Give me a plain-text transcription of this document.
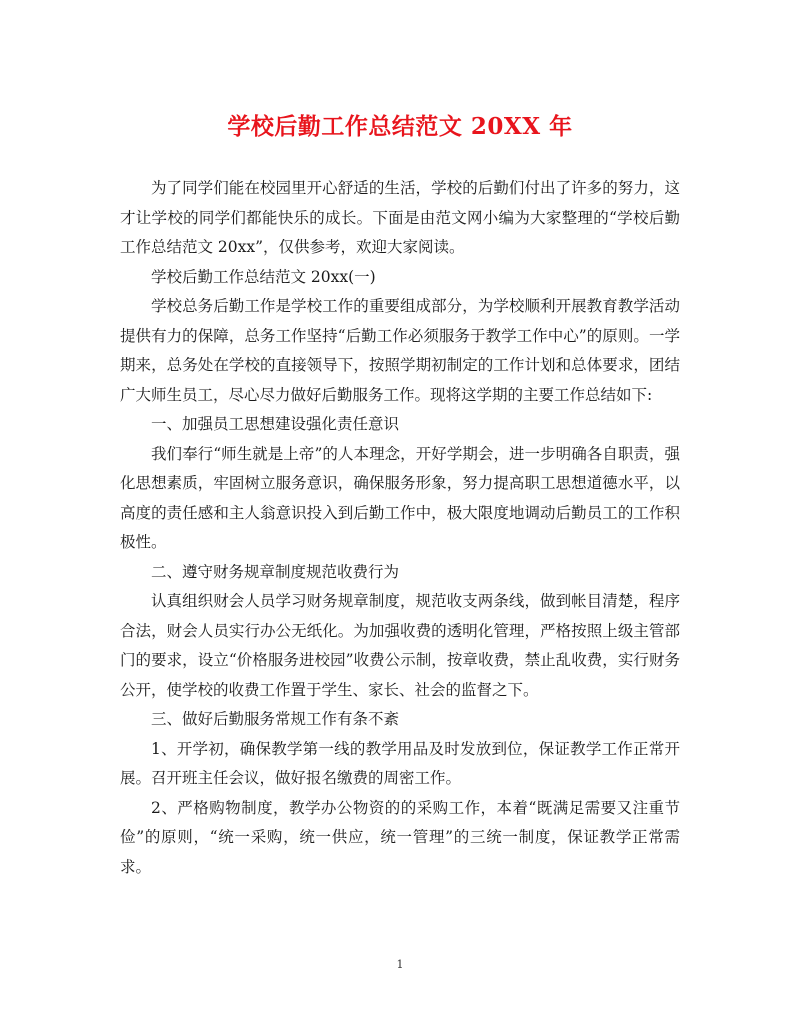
学校后勤工作总结范文 20XX 年

为了同学们能在校园里开心舒适的生活，学校的后勤们付出了许多的努力，这才让学校的同学们都能快乐的成长。下面是由范文网小编为大家整理的“学校后勤工作总结范文 20xx”，仅供参考，欢迎大家阅读。

学校后勤工作总结范文 20xx(一)

学校总务后勤工作是学校工作的重要组成部分，为学校顺利开展教育教学活动提供有力的保障，总务工作坚持“后勤工作必须服务于教学工作中心”的原则。一学期来，总务处在学校的直接领导下，按照学期初制定的工作计划和总体要求，团结广大师生员工，尽心尽力做好后勤服务工作。现将这学期的主要工作总结如下:

一、加强员工思想建设强化责任意识

我们奉行“师生就是上帝”的人本理念，开好学期会，进一步明确各自职责，强化思想素质，牢固树立服务意识，确保服务形象，努力提高职工思想道德水平，以高度的责任感和主人翁意识投入到后勤工作中，极大限度地调动后勤员工的工作积极性。

二、遵守财务规章制度规范收费行为

认真组织财会人员学习财务规章制度，规范收支两条线，做到帐目清楚，程序合法，财会人员实行办公无纸化。为加强收费的透明化管理，严格按照上级主管部门的要求，设立“价格服务进校园”收费公示制，按章收费，禁止乱收费，实行财务公开，使学校的收费工作置于学生、家长、社会的监督之下。

三、做好后勤服务常规工作有条不紊

1、开学初，确保教学第一线的教学用品及时发放到位，保证教学工作正常开展。召开班主任会议，做好报名缴费的周密工作。

2、严格购物制度，教学办公物资的的采购工作，本着“既满足需要又注重节俭”的原则，“统一采购，统一供应，统一管理”的三统一制度，保证教学正常需求。

1
